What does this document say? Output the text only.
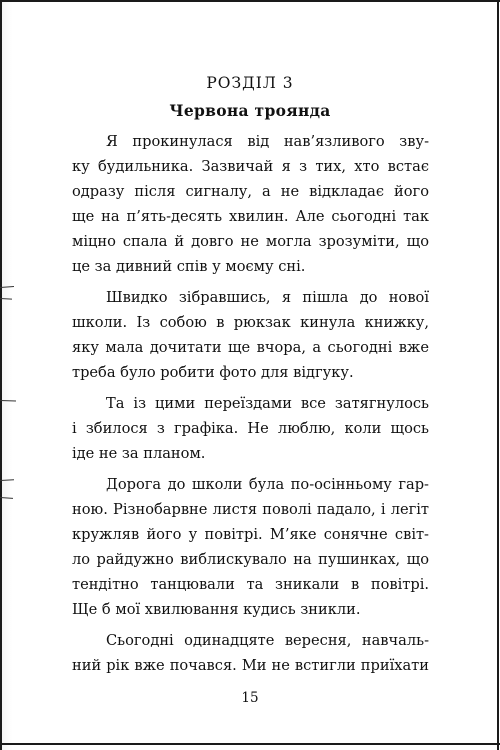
РОЗДІЛ 3
Червона троянда
Я прокинулася від нав’язливого зву-
ку будильника. Зазвичай я з тих, хто встає
одразу після сигналу, а не відкладає його
ще на п’ять-десять хвилин. Але сьогодні так
міцно спала й довго не могла зрозуміти, що
це за дивний спів у моєму сні.
Швидко зібравшись, я пішла до нової
школи. Із собою в рюкзак кинула книжку,
яку мала дочитати ще вчора, а сьогодні вже
треба було робити фото для відгуку.
Та із цими переїздами все затягнулось
і збилося з графіка. Не люблю, коли щось
іде не за планом.
Дорога до школи була по-осінньому гар-
ною. Різнобарвне листя поволі падало, і легіт
кружляв його у повітрі. М’яке сонячне світ-
ло райдужно виблискувало на пушинках, що
тендітно танцювали та зникали в повітрі.
Ще б мої хвилювання кудись зникли.
Сьогодні одинадцяте вересня, навчаль-
ний рік вже почався. Ми не встигли приїхати
15
